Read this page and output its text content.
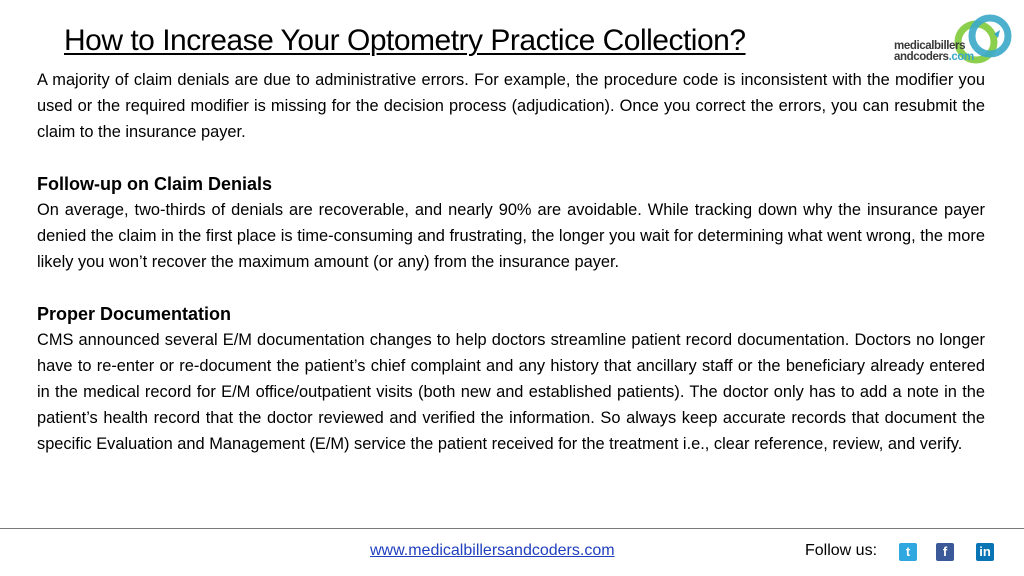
How to Increase Your Optometry Practice Collection?	medicalbillers
andcoders.com

A majority of claim denials are due to administrative errors. For example, the procedure code is inconsistent with the modifier you used or the required modifier is missing for the decision process (adjudication). Once you correct the errors, you can resubmit the claim to the insurance payer.

Follow-up on Claim Denials

On average, two-thirds of denials are recoverable, and nearly 90% are avoidable. While tracking down why the insurance payer denied the claim in the first place is time-consuming and frustrating, the longer you wait for determining what went wrong, the more likely you won’t recover the maximum amount (or any) from the insurance payer.

Proper Documentation

CMS announced several E/M documentation changes to help doctors streamline patient record documentation. Doctors no longer have to re-enter or re-document the patient’s chief complaint and any history that ancillary staff or the beneficiary already entered in the medical record for E/M office/outpatient visits (both new and established patients). The doctor only has to add a note in the patient’s health record that the doctor reviewed and verified the information. So always keep accurate records that document the specific Evaluation and Management (E/M) service the patient received for the treatment i.e., clear reference, review, and verify.

www.medicalbillersandcoders.com	Follow us:	t	f	in
